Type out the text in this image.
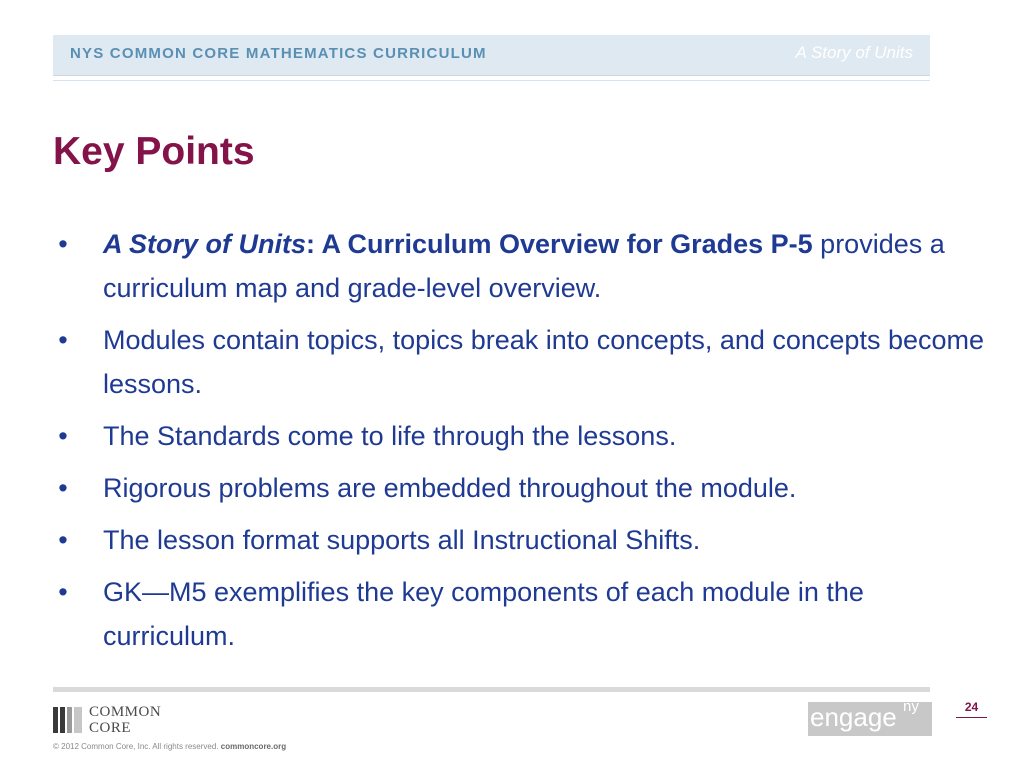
NYS COMMON CORE MATHEMATICS CURRICULUM	A Story of Units
Key Points
• A Story of Units: A Curriculum Overview for Grades P-5 provides a curriculum map and grade-level overview.
• Modules contain topics, topics break into concepts, and concepts become lessons.
• The Standards come to life through the lessons.
• Rigorous problems are embedded throughout the module.
• The lesson format supports all Instructional Shifts.
• GK—M5 exemplifies the key components of each module in the curriculum.
COMMON
CORE
© 2012 Common Core, Inc. All rights reserved. commoncore.org
engage ny	24
